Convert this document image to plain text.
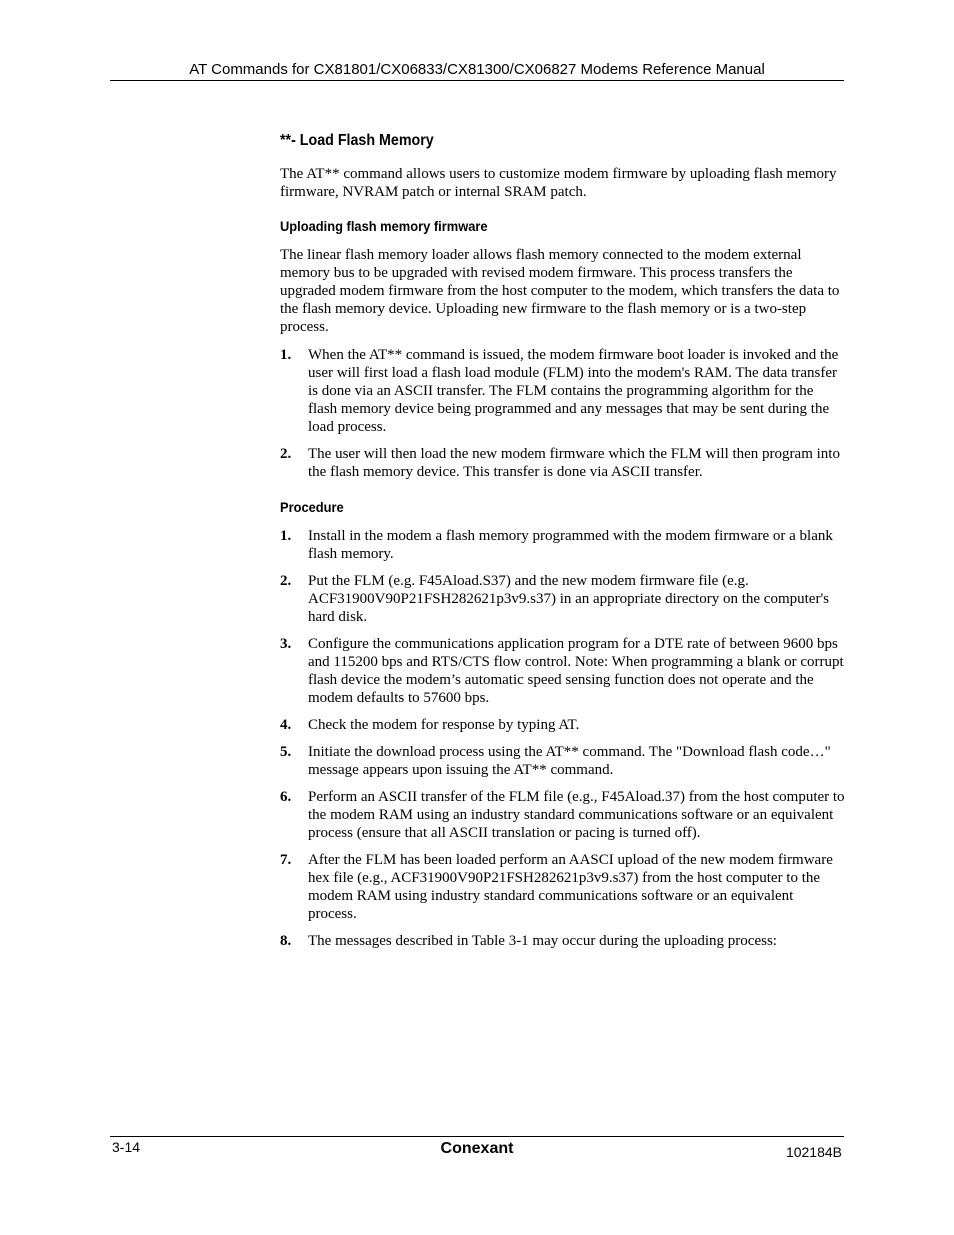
AT Commands for CX81801/CX06833/CX81300/CX06827 Modems Reference Manual
**- Load Flash Memory

The AT** command allows users to customize modem firmware by uploading flash memory firmware, NVRAM patch or internal SRAM patch.

Uploading flash memory firmware

The linear flash memory loader allows flash memory connected to the modem external memory bus to be upgraded with revised modem firmware. This process transfers the upgraded modem firmware from the host computer to the modem, which transfers the data to the flash memory device. Uploading new firmware to the flash memory or is a two-step process.

1. When the AT** command is issued, the modem firmware boot loader is invoked and the user will first load a flash load module (FLM) into the modem's RAM. The data transfer is done via an ASCII transfer. The FLM contains the programming algorithm for the flash memory device being programmed and any messages that may be sent during the load process.
2. The user will then load the new modem firmware which the FLM will then program into the flash memory device. This transfer is done via ASCII transfer.
Procedure
1. Install in the modem a flash memory programmed with the modem firmware or a blank flash memory.
2. Put the FLM (e.g. F45Aload.S37) and the new modem firmware file (e.g. ACF31900V90P21FSH282621p3v9.s37) in an appropriate directory on the computer's hard disk.
3. Configure the communications application program for a DTE rate of between 9600 bps and 115200 bps and RTS/CTS flow control. Note: When programming a blank or corrupt flash device the modem’s automatic speed sensing function does not operate and the modem defaults to 57600 bps.
4. Check the modem for response by typing AT.
5. Initiate the download process using the AT** command. The "Download flash code…" message appears upon issuing the AT** command.
6. Perform an ASCII transfer of the FLM file (e.g., F45Aload.37) from the host computer to the modem RAM using an industry standard communications software or an equivalent process (ensure that all ASCII translation or pacing is turned off).
7. After the FLM has been loaded perform an AASCI upload of the new modem firmware hex file (e.g., ACF31900V90P21FSH282621p3v9.s37) from the host computer to the modem RAM using industry standard communications software or an equivalent process.
8. The messages described in Table 3-1 may occur during the uploading process:
3-14	Conexant	102184B
